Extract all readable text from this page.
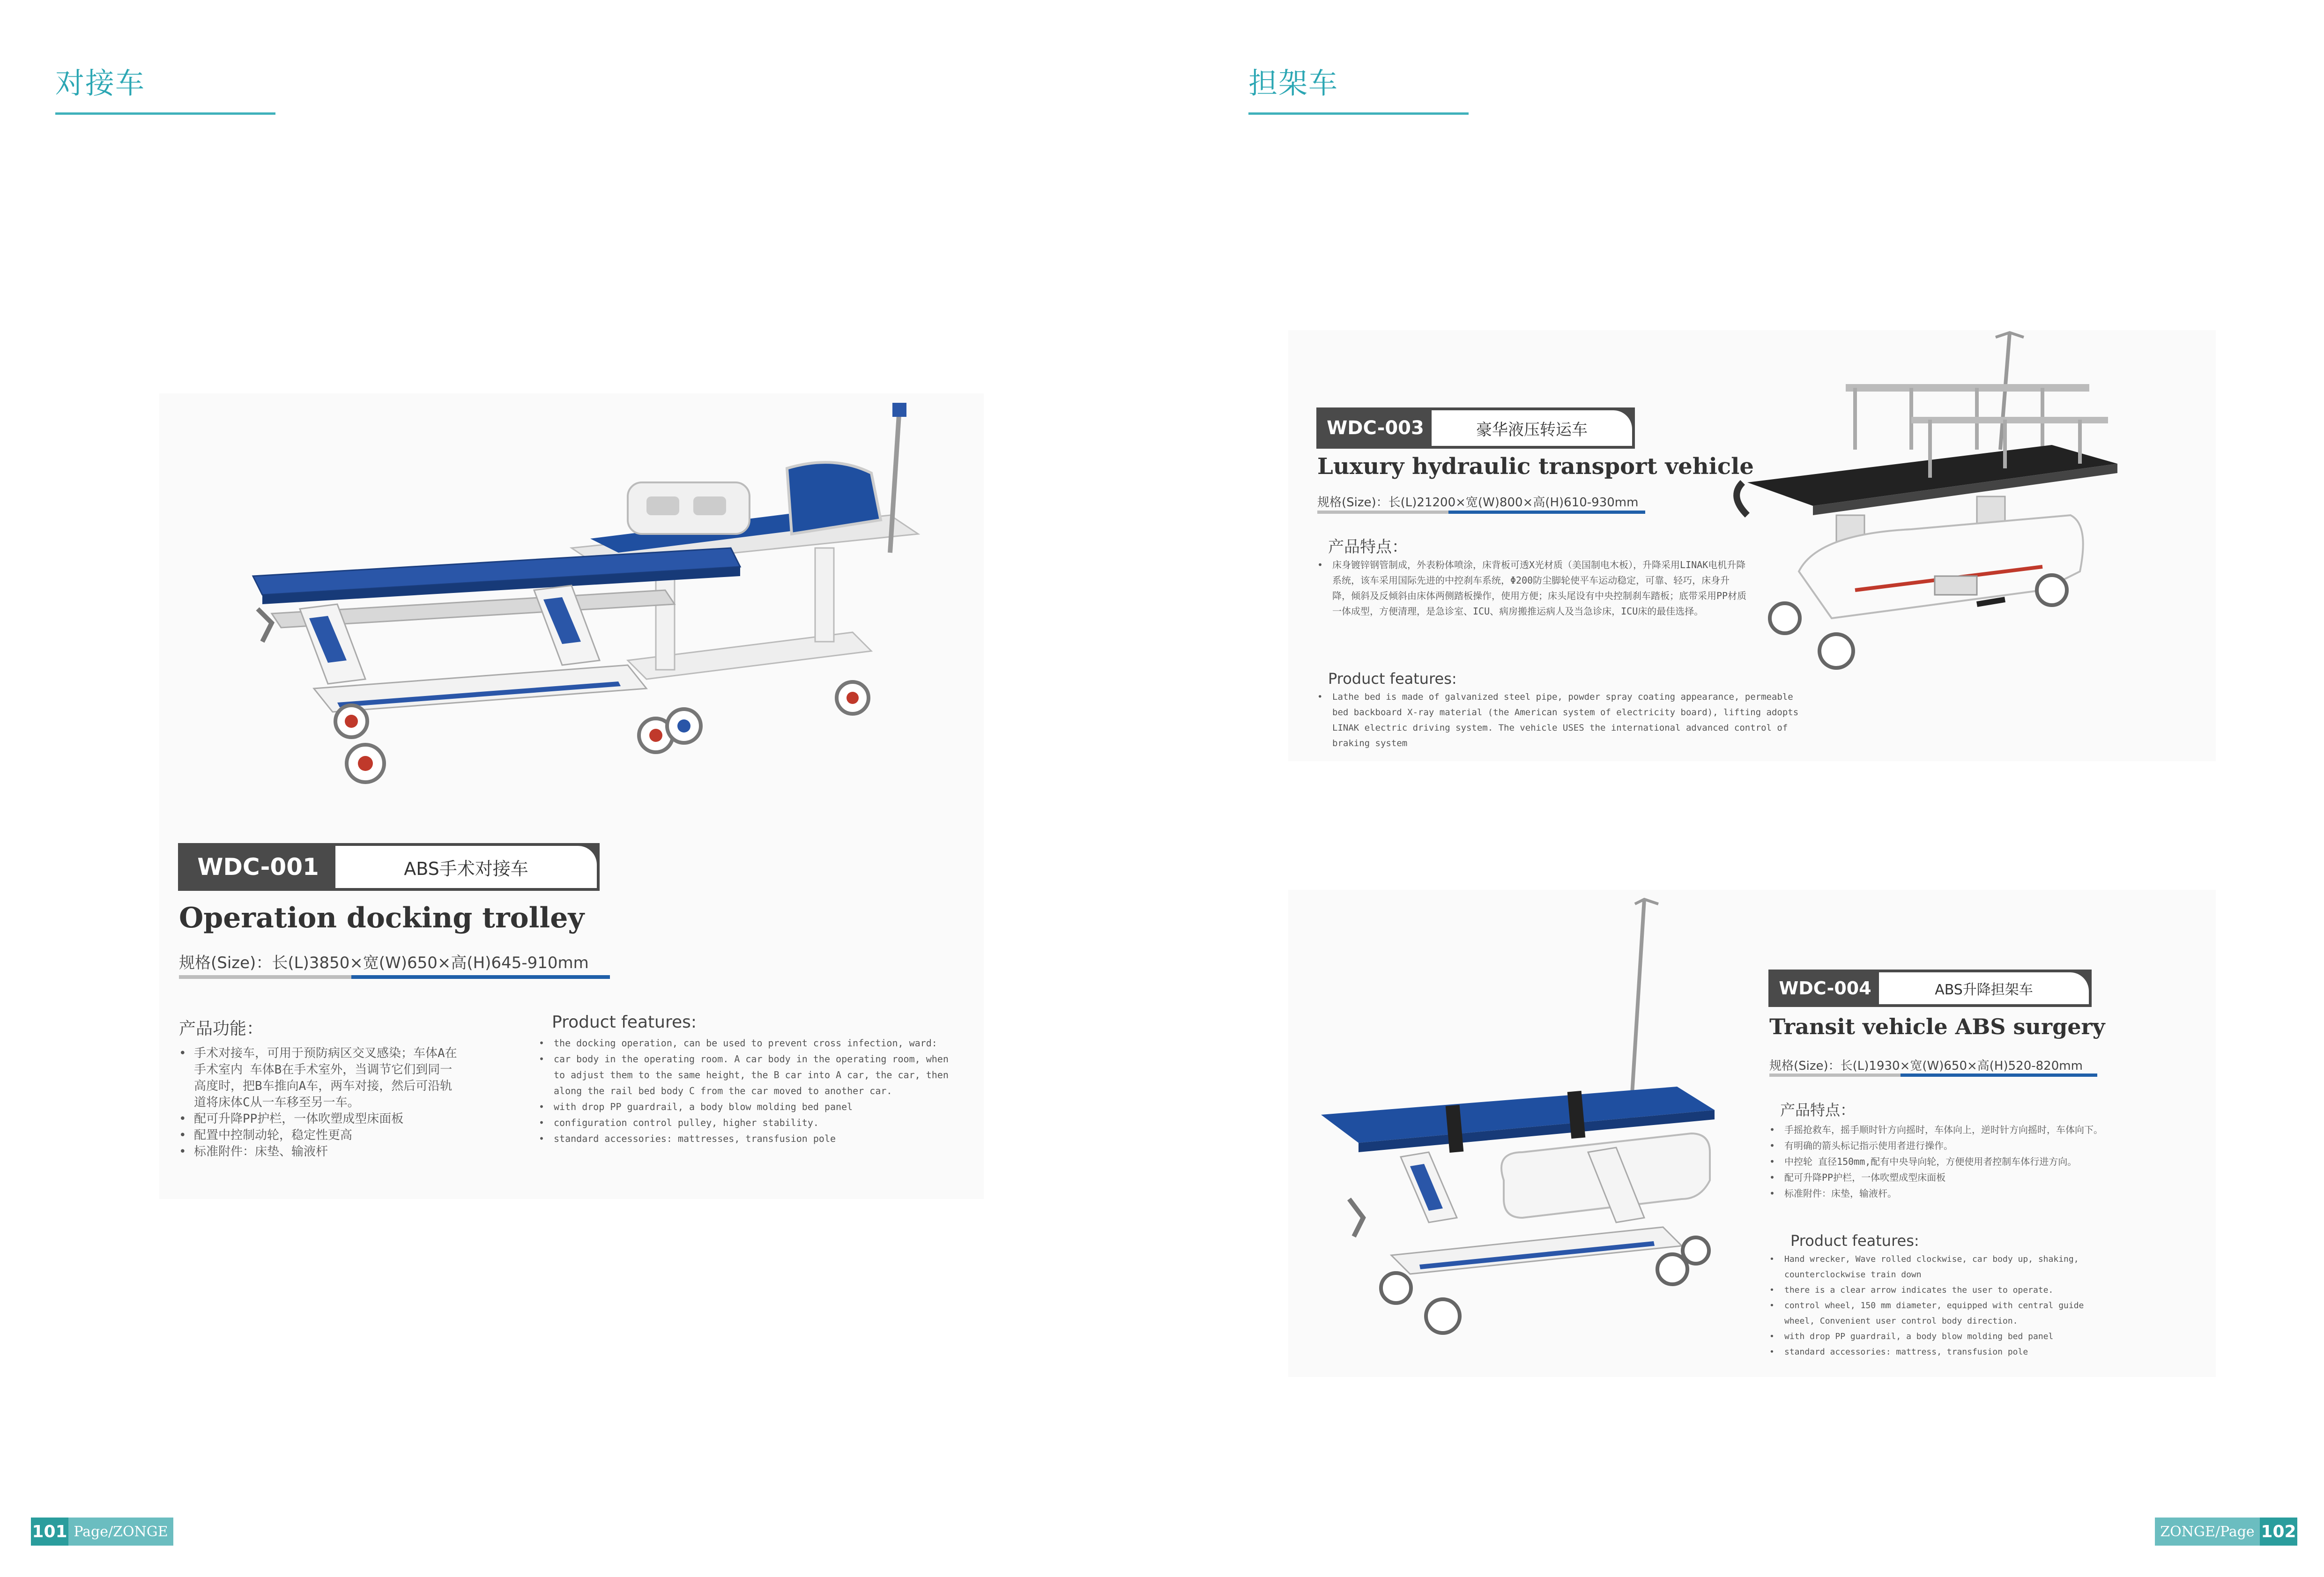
对接车
WDC-001	ABS手术对接车
Operation docking trolley
规格(Size)：长(L)3850×宽(W)650×高(H)645-910mm
产品功能：
• 手术对接车，可用于预防病区交叉感染；车体A在手术室内 车体B在手术室外，当调节它们到同一高度时，把B车推向A车，两车对接，然后可沿轨道将床体C从一车移至另一车。
• 配可升降PP护栏，一体吹塑成型床面板
• 配置中控制动轮，稳定性更高
• 标准附件：床垫、输液杆
Product features:
• the docking operation, can be used to prevent cross infection, ward:
• car body in the operating room. A car body in the operating room, when to adjust them to the same height, the B car into A car, the car, then along the rail bed body C from the car moved to another car.
• with drop PP guardrail, a body blow molding bed panel
• configuration control pulley, higher stability.
• standard accessories: mattresses, transfusion pole
101 Page/ZONGE
担架车
WDC-003	豪华液压转运车
Luxury hydraulic transport vehicle
规格(Size)：长(L)21200×宽(W)800×高(H)610-930mm
产品特点：
• 床身镀锌钢管制成，外表粉体喷涂，床背板可透X光材质（美国制电木板），升降采用LINAK电机升降系统，该车采用国际先进的中控刹车系统，Φ200防尘脚轮使平车运动稳定，可靠、轻巧，床身升降，倾斜及反倾斜由床体两侧踏板操作，使用方便；床头尾设有中央控制刹车踏板；底带采用PP材质一体成型，方便清理，是急诊室、ICU、病房搬推运病人及当急诊床，ICU床的最佳选择。
Product features:
• Lathe bed is made of galvanized steel pipe, powder spray coating appearance, permeable bed backboard X-ray material (the American system of electricity board), lifting adopts LINAK electric driving system. The vehicle USES the international advanced control of braking system
WDC-004	ABS升降担架车
Transit vehicle ABS surgery
规格(Size)：长(L)1930×宽(W)650×高(H)520-820mm
产品特点：
• 手摇抢救车，摇手顺时针方向摇时，车体向上，逆时针方向摇时，车体向下。
• 有明确的箭头标记指示使用者进行操作。
• 中控轮 直径150mm,配有中央导向轮，方便使用者控制车体行进方向。
• 配可升降PP护栏，一体吹塑成型床面板
• 标准附件：床垫，输液杆。
Product features:
• Hand wrecker, Wave rolled clockwise, car body up, shaking, counterclockwise train down
• there is a clear arrow indicates the user to operate.
• control wheel, 150 mm diameter, equipped with central guide wheel, Convenient user control body direction.
• with drop PP guardrail, a body blow molding bed panel
• standard accessories: mattress, transfusion pole
ZONGE/Page 102
